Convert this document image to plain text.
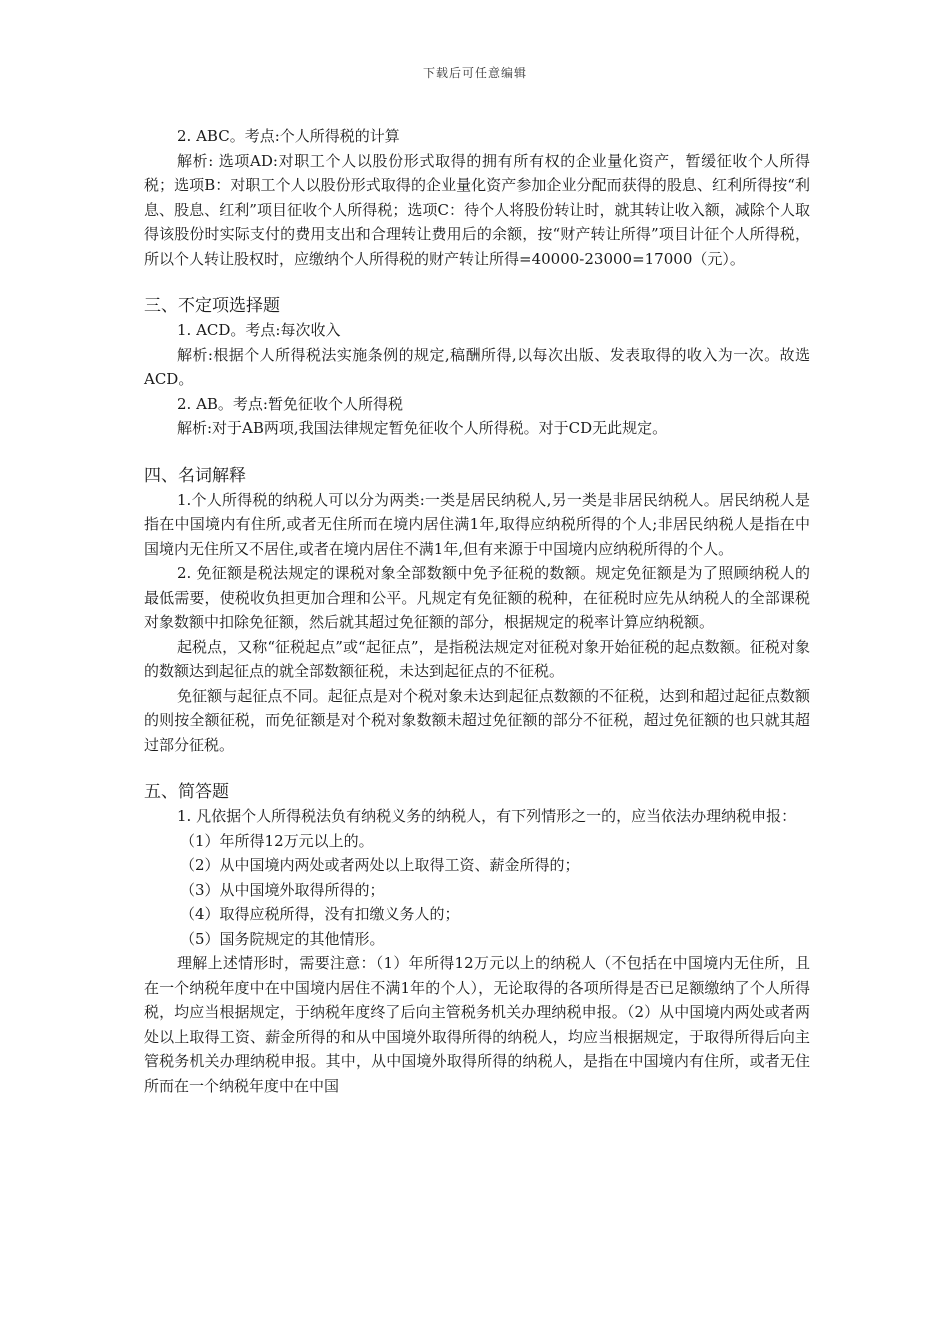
下载后可任意编辑

2. ABC。考点:个人所得税的计算

解析: 选项AD:对职工个人以股份形式取得的拥有所有权的企业量化资产，暂缓征收个人所得税；选项B：对职工个人以股份形式取得的企业量化资产参加企业分配而获得的股息、红利所得按“利息、股息、红利”项目征收个人所得税；选项C：待个人将股份转让时，就其转让收入额，减除个人取得该股份时实际支付的费用支出和合理转让费用后的余额，按“财产转让所得”项目计征个人所得税，所以个人转让股权时，应缴纳个人所得税的财产转让所得=40000-23000=17000（元）。

三、不定项选择题

1. ACD。考点:每次收入

解析:根据个人所得税法实施条例的规定,稿酬所得,以每次出版、发表取得的收入为一次。故选ACD。

2. AB。考点:暂免征收个人所得税

解析:对于AB两项,我国法律规定暂免征收个人所得税。对于CD无此规定。

四、名词解释

1.个人所得税的纳税人可以分为两类:一类是居民纳税人,另一类是非居民纳税人。居民纳税人是指在中国境内有住所,或者无住所而在境内居住满1年,取得应纳税所得的个人;非居民纳税人是指在中国境内无住所又不居住,或者在境内居住不满1年,但有来源于中国境内应纳税所得的个人。

2. 免征额是税法规定的课税对象全部数额中免予征税的数额。规定免征额是为了照顾纳税人的最低需要，使税收负担更加合理和公平。凡规定有免征额的税种，在征税时应先从纳税人的全部课税对象数额中扣除免征额，然后就其超过免征额的部分，根据规定的税率计算应纳税额。

起税点，又称“征税起点”或“起征点”，是指税法规定对征税对象开始征税的起点数额。征税对象的数额达到起征点的就全部数额征税，未达到起征点的不征税。

免征额与起征点不同。起征点是对个税对象未达到起征点数额的不征税，达到和超过起征点数额的则按全额征税，而免征额是对个税对象数额未超过免征额的部分不征税，超过免征额的也只就其超过部分征税。

五、简答题

1. 凡依据个人所得税法负有纳税义务的纳税人，有下列情形之一的，应当依法办理纳税申报：

（1）年所得12万元以上的。

（2）从中国境内两处或者两处以上取得工资、薪金所得的；

（3）从中国境外取得所得的；

（4）取得应税所得，没有扣缴义务人的；

（5）国务院规定的其他情形。

理解上述情形时，需要注意：（1）年所得12万元以上的纳税人（不包括在中国境内无住所，且在一个纳税年度中在中国境内居住不满1年的个人），无论取得的各项所得是否已足额缴纳了个人所得税，均应当根据规定，于纳税年度终了后向主管税务机关办理纳税申报。（2）从中国境内两处或者两处以上取得工资、薪金所得的和从中国境外取得所得的纳税人，均应当根据规定，于取得所得后向主管税务机关办理纳税申报。其中，从中国境外取得所得的纳税人，是指在中国境内有住所，或者无住所而在一个纳税年度中在中国
